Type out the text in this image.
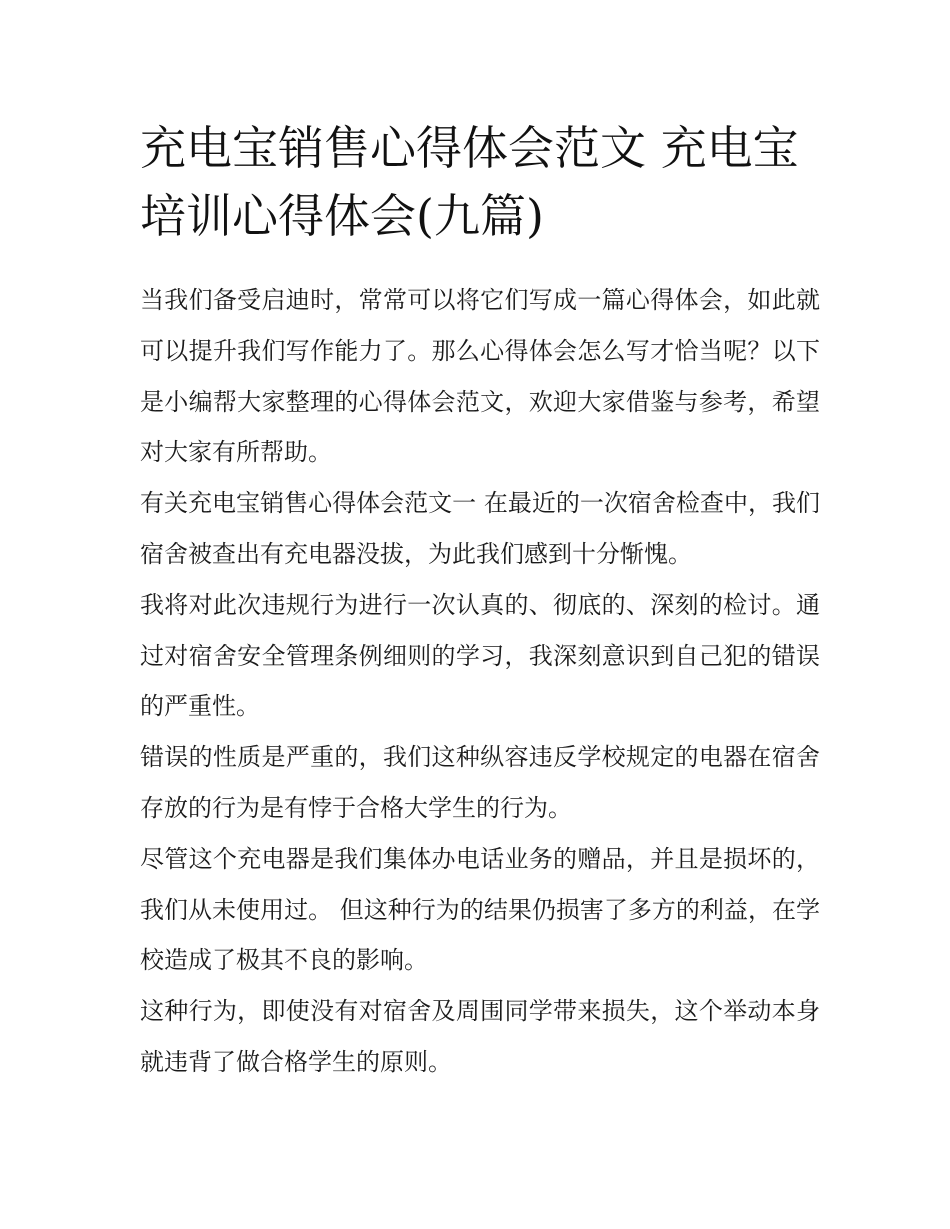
充电宝销售心得体会范文 充电宝培训心得体会(九篇)

当我们备受启迪时，常常可以将它们写成一篇心得体会，如此就可以提升我们写作能力了。那么心得体会怎么写才恰当呢？以下是小编帮大家整理的心得体会范文，欢迎大家借鉴与参考，希望对大家有所帮助。

有关充电宝销售心得体会范文一 在最近的一次宿舍检查中，我们宿舍被查出有充电器没拔，为此我们感到十分惭愧。

我将对此次违规行为进行一次认真的、彻底的、深刻的检讨。通过对宿舍安全管理条例细则的学习，我深刻意识到自己犯的错误的严重性。

错误的性质是严重的，我们这种纵容违反学校规定的电器在宿舍存放的行为是有悖于合格大学生的行为。

尽管这个充电器是我们集体办电话业务的赠品，并且是损坏的，我们从未使用过。 但这种行为的结果仍损害了多方的利益，在学校造成了极其不良的影响。

这种行为，即使没有对宿舍及周围同学带来损失，这个举动本身就违背了做合格学生的原则。
